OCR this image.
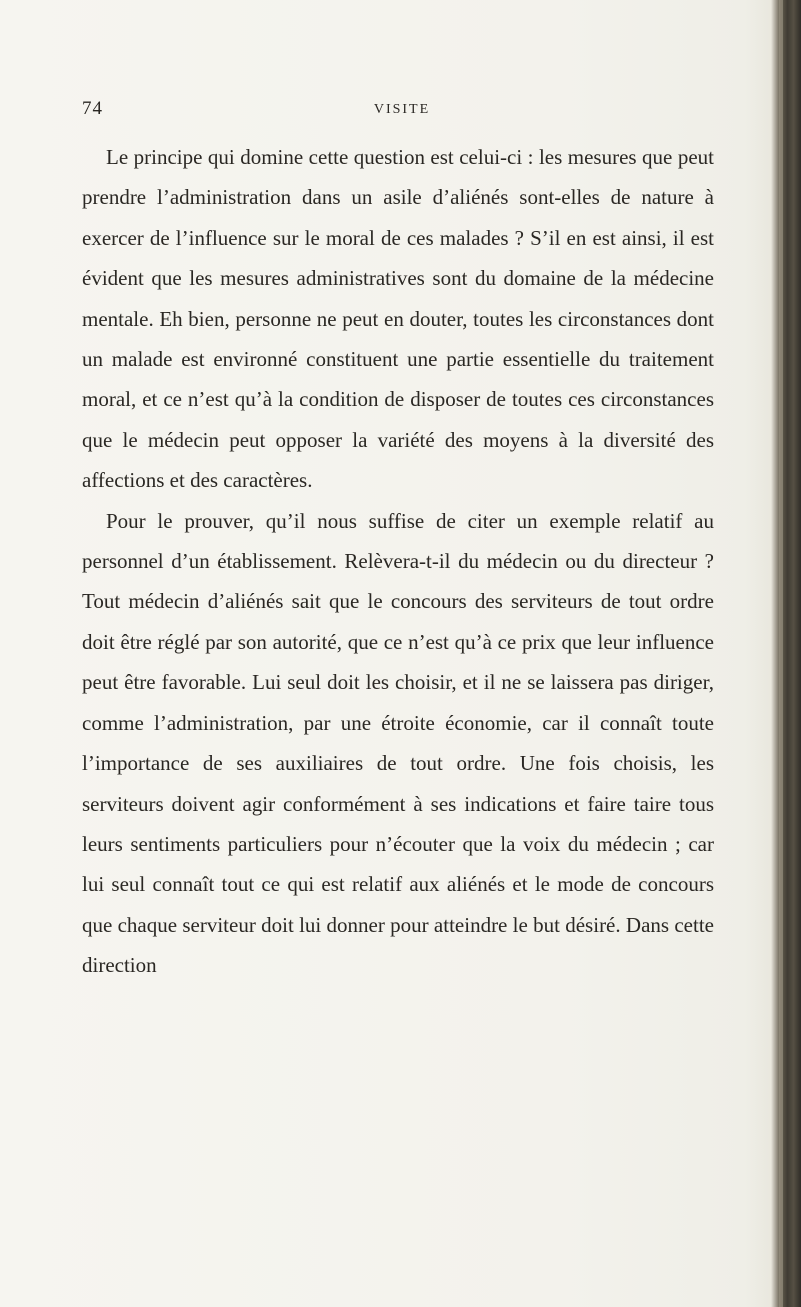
74	VISITE

Le principe qui domine cette question est celui-ci : les mesures que peut prendre l’administration dans un asile d’aliénés sont-elles de nature à exercer de l’influence sur le moral de ces malades ? S’il en est ainsi, il est évident que les mesures administratives sont du domaine de la médecine mentale. Eh bien, personne ne peut en douter, toutes les circonstances dont un malade est environné constituent une partie essentielle du traitement moral, et ce n’est qu’à la condition de disposer de toutes ces circonstances que le médecin peut opposer la variété des moyens à la diversité des affections et des caractères.

Pour le prouver, qu’il nous suffise de citer un exemple relatif au personnel d’un établissement. Relèvera-t-il du médecin ou du directeur ? Tout médecin d’aliénés sait que le concours des serviteurs de tout ordre doit être réglé par son autorité, que ce n’est qu’à ce prix que leur influence peut être favorable. Lui seul doit les choisir, et il ne se laissera pas diriger, comme l’administration, par une étroite économie, car il connaît toute l’importance de ses auxiliaires de tout ordre. Une fois choisis, les serviteurs doivent agir conformément à ses indications et faire taire tous leurs sentiments particuliers pour n’écouter que la voix du médecin ; car lui seul connaît tout ce qui est relatif aux aliénés et le mode de concours que chaque serviteur doit lui donner pour atteindre le but désiré. Dans cette direction
